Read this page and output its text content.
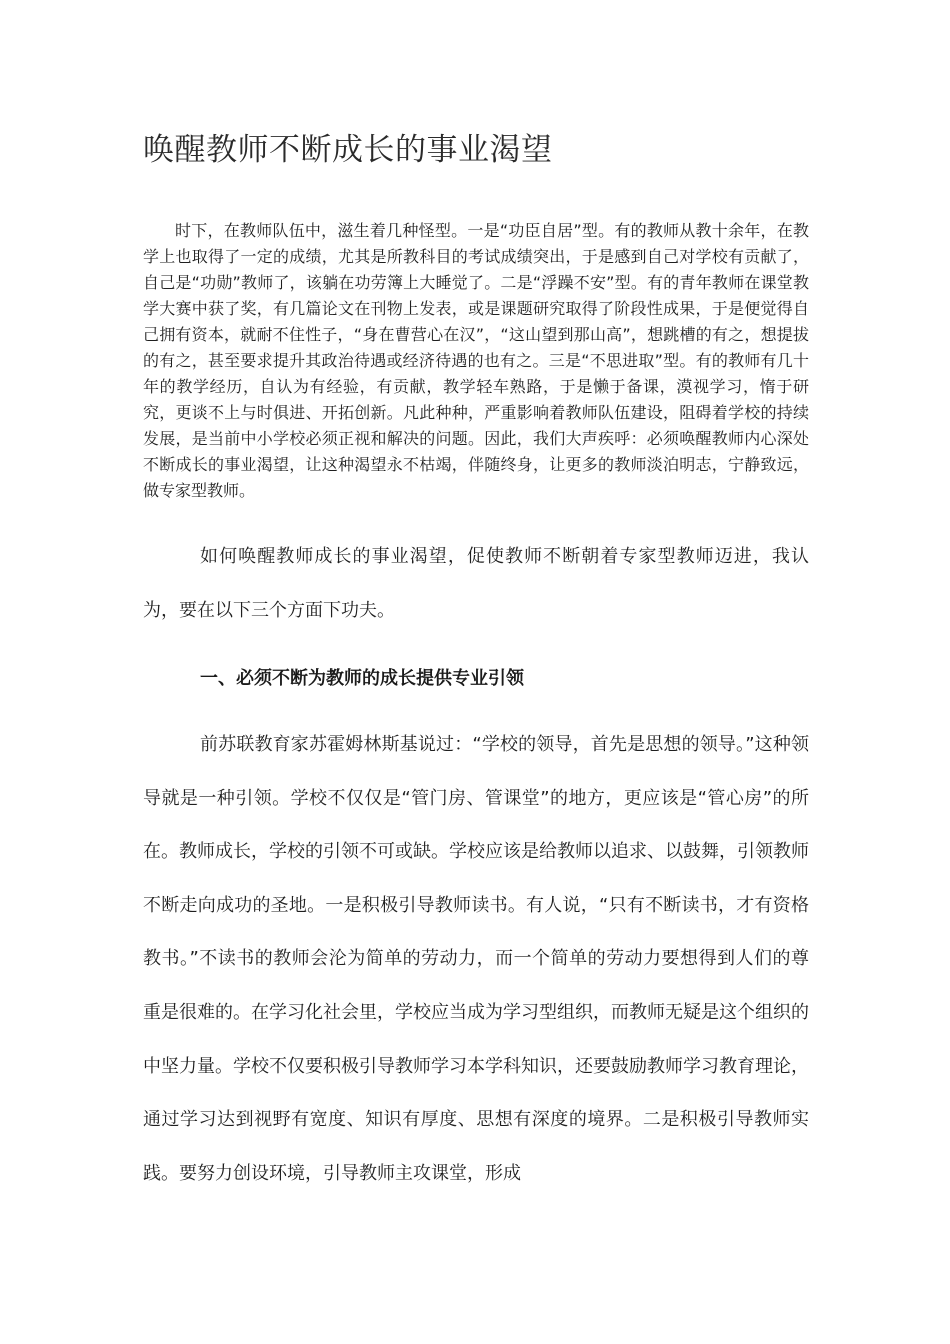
唤醒教师不断成长的事业渴望

时下，在教师队伍中，滋生着几种怪型。一是“功臣自居”型。有的教师从教十余年，在教学上也取得了一定的成绩，尤其是所教科目的考试成绩突出，于是感到自己对学校有贡献了，自己是“功勋”教师了，该躺在功劳簿上大睡觉了。二是“浮躁不安”型。有的青年教师在课堂教学大赛中获了奖，有几篇论文在刊物上发表，或是课题研究取得了阶段性成果，于是便觉得自己拥有资本，就耐不住性子，“身在曹营心在汉”，“这山望到那山高”，想跳槽的有之，想提拔的有之，甚至要求提升其政治待遇或经济待遇的也有之。三是“不思进取”型。有的教师有几十年的教学经历，自认为有经验，有贡献，教学轻车熟路，于是懒于备课，漠视学习，惰于研究，更谈不上与时俱进、开拓创新。凡此种种，严重影响着教师队伍建设，阻碍着学校的持续发展，是当前中小学校必须正视和解决的问题。因此，我们大声疾呼：必须唤醒教师内心深处不断成长的事业渴望，让这种渴望永不枯竭，伴随终身，让更多的教师淡泊明志，宁静致远，做专家型教师。

如何唤醒教师成长的事业渴望，促使教师不断朝着专家型教师迈进，我认为，要在以下三个方面下功夫。

一、必须不断为教师的成长提供专业引领

前苏联教育家苏霍姆林斯基说过：“学校的领导，首先是思想的领导。”这种领导就是一种引领。学校不仅仅是“管门房、管课堂”的地方，更应该是“管心房”的所在。教师成长，学校的引领不可或缺。学校应该是给教师以追求、以鼓舞，引领教师不断走向成功的圣地。一是积极引导教师读书。有人说，“只有不断读书，才有资格教书。”不读书的教师会沦为简单的劳动力，而一个简单的劳动力要想得到人们的尊重是很难的。在学习化社会里，学校应当成为学习型组织，而教师无疑是这个组织的中坚力量。学校不仅要积极引导教师学习本学科知识，还要鼓励教师学习教育理论，通过学习达到视野有宽度、知识有厚度、思想有深度的境界。二是积极引导教师实践。要努力创设环境，引导教师主攻课堂，形成
